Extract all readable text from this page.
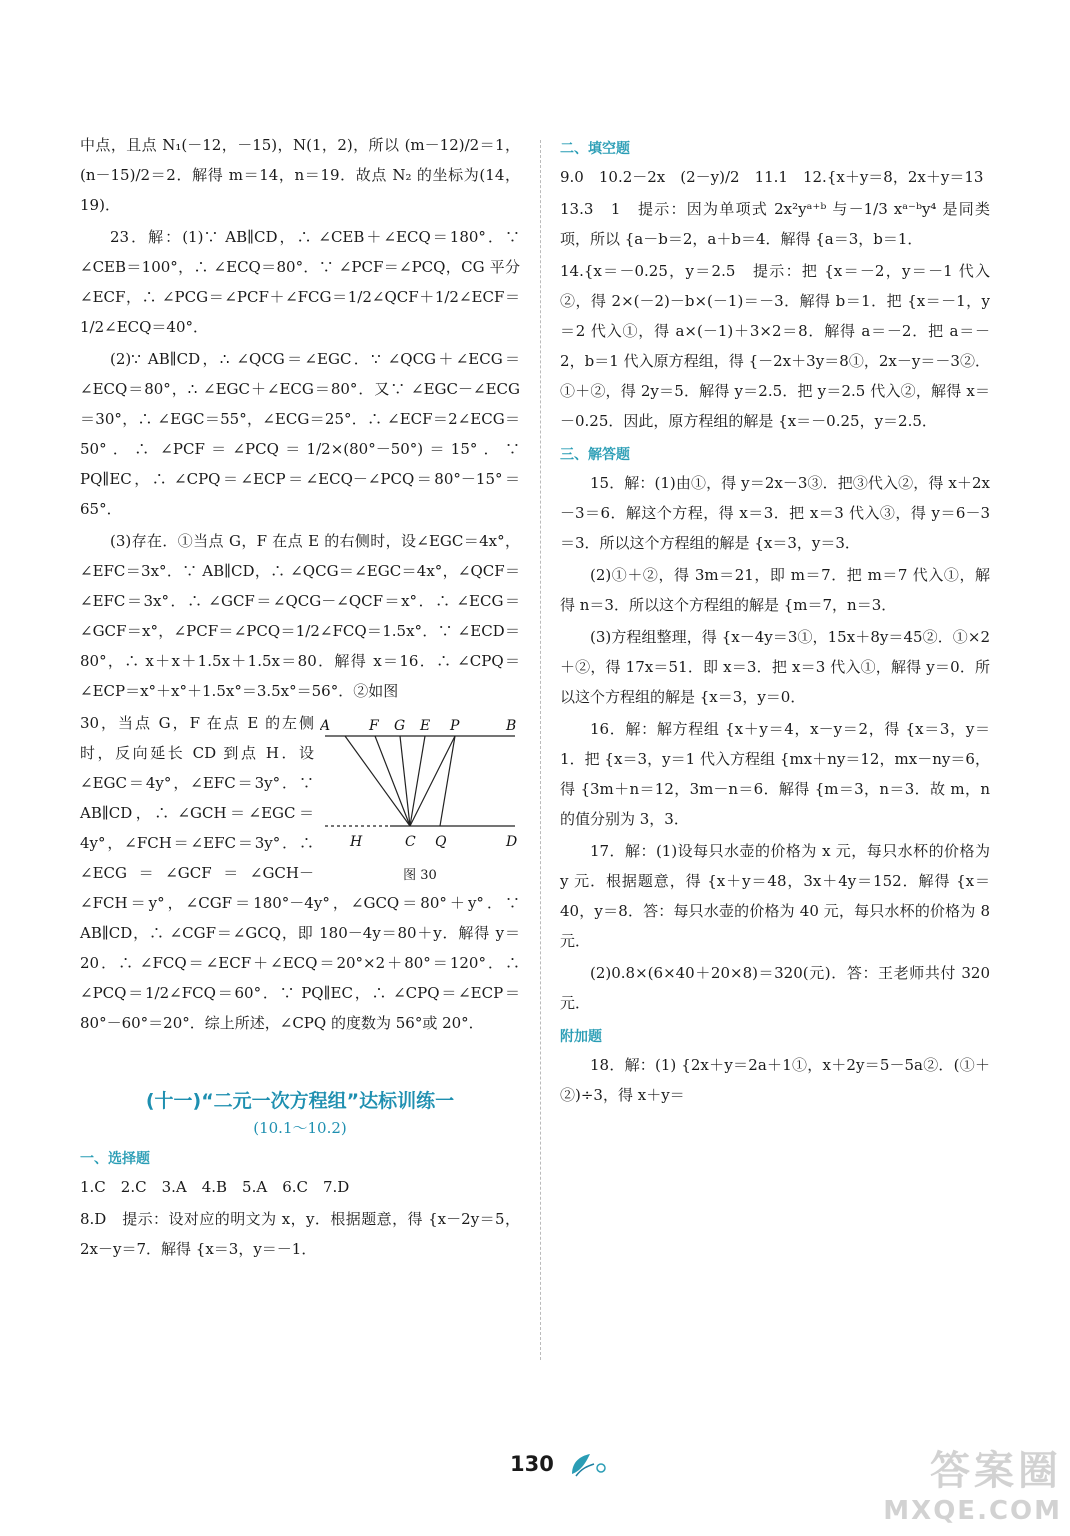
中点，且点 N₁(－12，－15)，N(1，2)，所以 (m－12)/2＝1，(n－15)/2＝2．解得 m＝14，n＝19．故点 N₂ 的坐标为(14，19)．

23．解：(1)∵ AB∥CD，∴ ∠CEB＋∠ECQ＝180°．∵ ∠CEB＝100°，∴ ∠ECQ＝80°．∵ ∠PCF＝∠PCQ，CG 平分∠ECF，∴ ∠PCG＝∠PCF＋∠FCG＝1/2∠QCF＋1/2∠ECF＝1/2∠ECQ＝40°．

(2)∵ AB∥CD，∴ ∠QCG＝∠EGC．∵ ∠QCG＋∠ECG＝∠ECQ＝80°，∴ ∠EGC＋∠ECG＝80°．又∵ ∠EGC－∠ECG＝30°，∴ ∠EGC＝55°，∠ECG＝25°．∴ ∠ECF＝2∠ECG＝50°．∴ ∠PCF＝∠PCQ＝1/2×(80°－50°)＝15°．∵ PQ∥EC，∴ ∠CPQ＝∠ECP＝∠ECQ－∠PCQ＝80°－15°＝65°．

(3)存在．①当点 G，F 在点 E 的右侧时，设∠EGC＝4x°，∠EFC＝3x°．∵ AB∥CD，∴ ∠QCG＝∠EGC＝4x°，∠QCF＝∠EFC＝3x°．∴ ∠GCF＝∠QCG－∠QCF＝x°．∴ ∠ECG＝∠GCF＝x°，∠PCF＝∠PCQ＝1/2∠FCQ＝1.5x°．∵ ∠ECD＝80°，∴ x＋x＋1.5x＋1.5x＝80．解得 x＝16．∴ ∠CPQ＝∠ECP＝x°＋x°＋1.5x°＝3.5x°＝56°．②如图

A	F G E P	B
H	C Q	D
图 30

30，当点 G，F 在点 E 的左侧时，反向延长 CD 到点 H．设∠EGC＝4y°，∠EFC＝3y°．∵ AB∥CD，∴ ∠GCH＝∠EGC＝4y°，∠FCH＝∠EFC＝3y°．∴ ∠ECG＝∠GCF＝∠GCH－∠FCH＝y°，∠CGF＝180°－4y°，∠GCQ＝80°＋y°．∵ AB∥CD，∴ ∠CGF＝∠GCQ，即 180－4y＝80＋y．解得 y＝20．∴ ∠FCQ＝∠ECF＋∠ECQ＝20°×2＋80°＝120°．∴ ∠PCQ＝1/2∠FCQ＝60°．∵ PQ∥EC，∴ ∠CPQ＝∠ECP＝80°－60°＝20°．综上所述，∠CPQ 的度数为 56°或 20°．

(十一)“二元一次方程组”达标训练一
(10.1～10.2)
一、选择题

1.C　2.C　3.A　4.B　5.A　6.C　7.D

8.D　提示：设对应的明文为 x，y．根据题意，得 {x－2y＝5，2x－y＝7．解得 {x＝3，y＝－1．

二、填空题

9.0　10.2－2x　(2－y)/2　11.1　12.{x＋y＝8，2x＋y＝13

13.3　1　提示：因为单项式 2x²yᵃ⁺ᵇ 与－1/3 xᵃ⁻ᵇy⁴ 是同类项，所以 {a－b＝2，a＋b＝4．解得 {a＝3，b＝1．

14.{x＝－0.25，y＝2.5　提示：把 {x＝－2，y＝－1 代入②，得 2×(－2)－b×(－1)＝－3．解得 b＝1．把 {x＝－1，y＝2 代入①，得 a×(－1)＋3×2＝8．解得 a＝－2．把 a＝－2，b＝1 代入原方程组，得 {－2x＋3y＝8①，2x－y＝－3②．①＋②，得 2y＝5．解得 y＝2.5．把 y＝2.5 代入②，解得 x＝－0.25．因此，原方程组的解是 {x＝－0.25，y＝2.5．

三、解答题

15．解：(1)由①，得 y＝2x－3③．把③代入②，得 x＋2x－3＝6．解这个方程，得 x＝3．把 x＝3 代入③，得 y＝6－3＝3．所以这个方程组的解是 {x＝3，y＝3．

(2)①＋②，得 3m＝21，即 m＝7．把 m＝7 代入①，解得 n＝3．所以这个方程组的解是 {m＝7，n＝3．

(3)方程组整理，得 {x－4y＝3①，15x＋8y＝45②．①×2＋②，得 17x＝51．即 x＝3．把 x＝3 代入①，解得 y＝0．所以这个方程组的解是 {x＝3，y＝0．

16．解：解方程组 {x＋y＝4，x－y＝2，得 {x＝3，y＝1．把 {x＝3，y＝1 代入方程组 {mx＋ny＝12，mx－ny＝6，得 {3m＋n＝12，3m－n＝6．解得 {m＝3，n＝3．故 m，n 的值分别为 3，3．

17．解：(1)设每只水壶的价格为 x 元，每只水杯的价格为 y 元．根据题意，得 {x＋y＝48，3x＋4y＝152．解得 {x＝40，y＝8．答：每只水壶的价格为 40 元，每只水杯的价格为 8 元．

(2)0.8×(6×40＋20×8)＝320(元)．答：王老师共付 320 元．

附加题

18．解：(1) {2x＋y＝2a＋1①，x＋2y＝5－5a②．(①＋②)÷3，得 x＋y＝

130	答案圈
MXQE.COM
